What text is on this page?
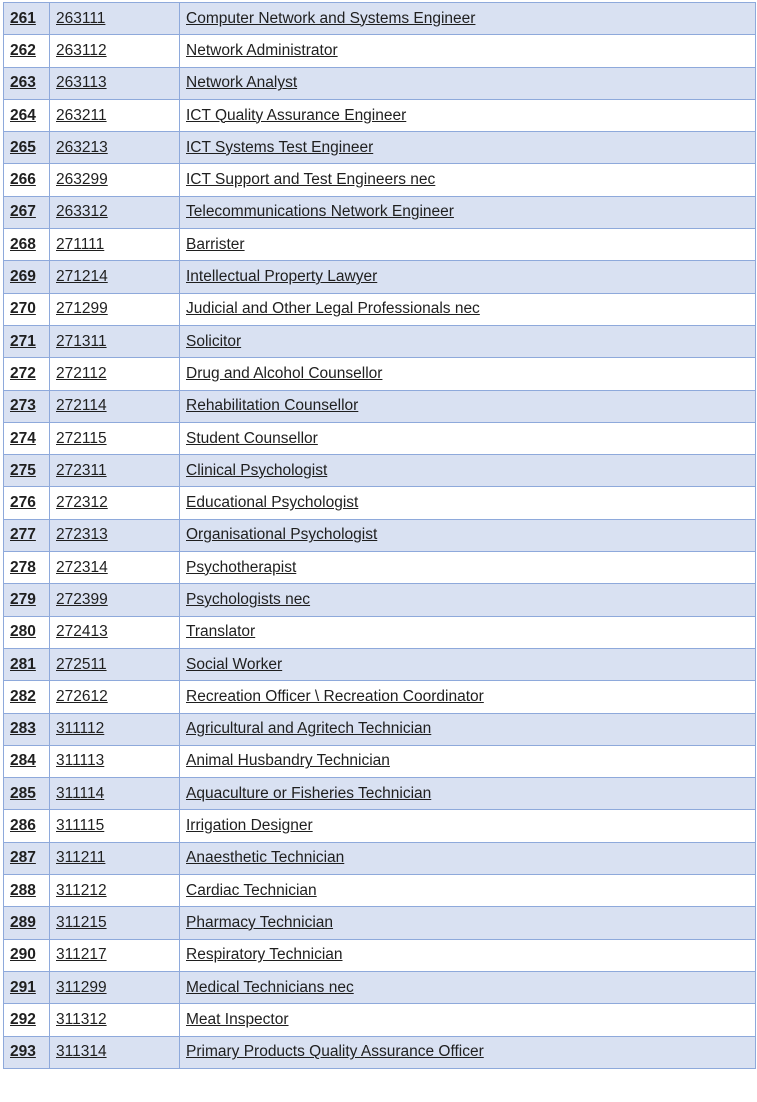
261	263111	Computer Network and Systems Engineer
262	263112	Network Administrator
263	263113	Network Analyst
264	263211	ICT Quality Assurance Engineer
265	263213	ICT Systems Test Engineer
266	263299	ICT Support and Test Engineers nec
267	263312	Telecommunications Network Engineer
268	271111	Barrister
269	271214	Intellectual Property Lawyer
270	271299	Judicial and Other Legal Professionals nec
271	271311	Solicitor
272	272112	Drug and Alcohol Counsellor
273	272114	Rehabilitation Counsellor
274	272115	Student Counsellor
275	272311	Clinical Psychologist
276	272312	Educational Psychologist
277	272313	Organisational Psychologist
278	272314	Psychotherapist
279	272399	Psychologists nec
280	272413	Translator
281	272511	Social Worker
282	272612	Recreation Officer \ Recreation Coordinator
283	311112	Agricultural and Agritech Technician
284	311113	Animal Husbandry Technician
285	311114	Aquaculture or Fisheries Technician
286	311115	Irrigation Designer
287	311211	Anaesthetic Technician
288	311212	Cardiac Technician
289	311215	Pharmacy Technician
290	311217	Respiratory Technician
291	311299	Medical Technicians nec
292	311312	Meat Inspector
293	311314	Primary Products Quality Assurance Officer
